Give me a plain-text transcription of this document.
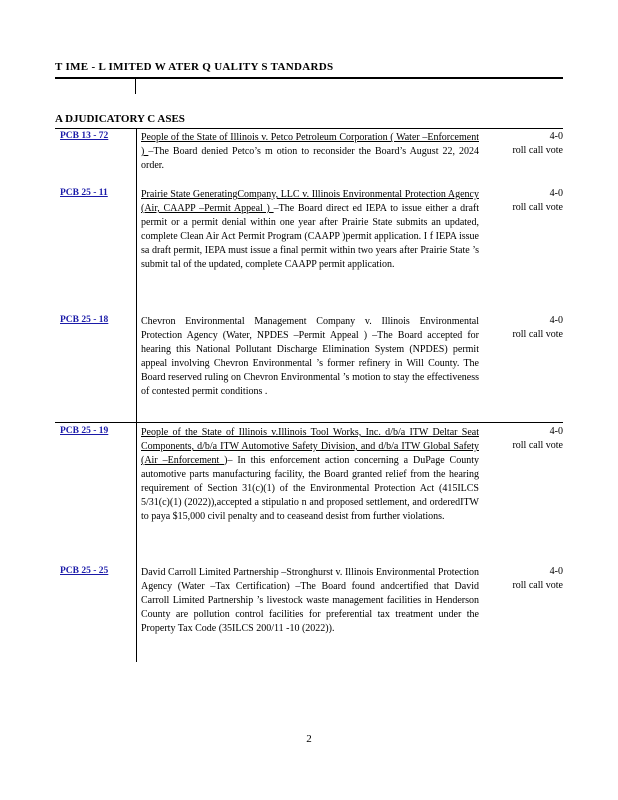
T IME - L IMITED W ATER Q UALITY S TANDARDS
A DJUDICATORY C ASES
PCB 13 - 72	People of the State of Illinois v. Petco Petroleum Corporation ( Water –Enforcement ) –The Board denied Petco’s m otion to reconsider the Board’s August 22, 2024 order.
4-0
roll call vote
PCB 25 - 11	Prairie State GeneratingCompany, LLC v. Illinois Environmental Protection Agency (Air, CAAPP –Permit Appeal ) –The Board direct ed IEPA to issue either a draft permit or a permit denial within one year after Prairie State submits an updated, complete Clean Air Act Permit Program (CAAPP )permit application. I f IEPA issue sa draft permit, IEPA must issue a final permit within two years after Prairie State ’s submit tal of the updated, complete CAAPP permit application.
4-0
roll call vote
PCB 25 - 18	Chevron Environmental Management Company v. Illinois Environmental Protection Agency (Water, NPDES –Permit Appeal ) –The Board accepted for hearing this National Pollutant Discharge Elimination System (NPDES) permit appeal involving Chevron Environmental ’s former refinery in Will County. The Board reserved ruling on Chevron Environmental ’s motion to stay the effectiveness of contested permit conditions .
4-0
roll call vote
PCB 25 - 19	People of the State of Illinois v.Illinois Tool Works, Inc. d/b/a ITW Deltar Seat Components, d/b/a ITW Automotive Safety Division, and d/b/a ITW Global Safety (Air –Enforcement )– In this enforcement action concerning a DuPage County automotive parts manufacturing facility, the Board granted relief from the hearing requirement of Section 31(c)(1) of the Environmental Protection Act (415ILCS 5/31(c)(1) (2022)),accepted a stipulatio n and proposed settlement, and orderedITW to paya $15,000 civil penalty and to ceaseand desist from further violations.
4-0
roll call vote
PCB 25 - 25	David Carroll Limited Partnership –Stronghurst v. Illinois Environmental Protection Agency (Water –Tax Certification) –The Board found andcertified that David Carroll Limited Partnership ’s livestock waste management facilities in Henderson County are pollution control facilities for preferential tax treatment under the Property Tax Code (35ILCS 200/11 -10 (2022)).
4-0
roll call vote
2
